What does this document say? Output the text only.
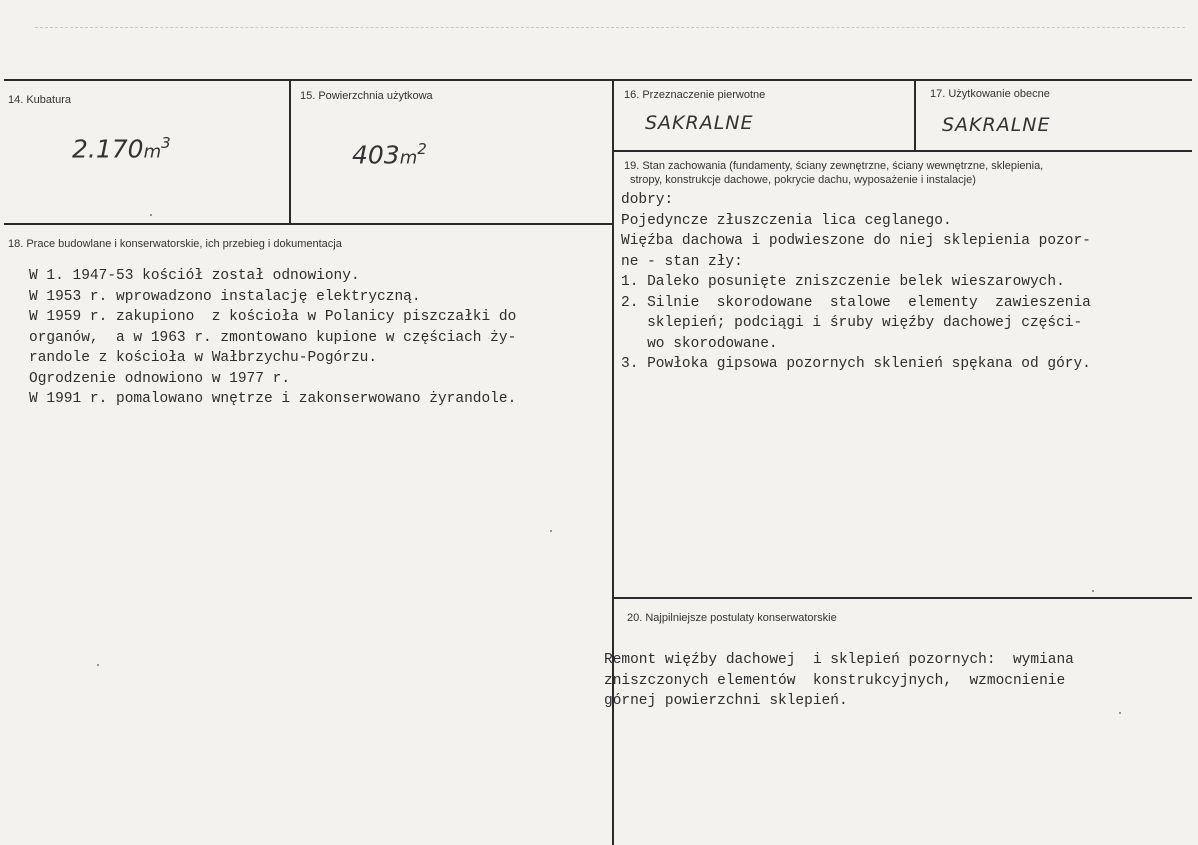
14. Kubatura
$2.170m^3$
15. Powierzchnia użytkowa
$403m^2$
16. Przeznaczenie pierwotne
SAKRALNE
17. Użytkowanie obecne
SAKRALNE
18. Prace budowlane i konserwatorskie, ich przebieg i dokumentacja
W 1. 1947-53 kościół został odnowiony.
W 1953 r. wprowadzono instalację elektryczną.
W 1959 r. zakupiono  z kościoła w Polanicy piszczałki do
organów,  a w 1963 r. zmontowano kupione w częściach ży-
randole z kościoła w Wałbrzychu-Pogórzu.
Ogrodzenie odnowiono w 1977 r.
W 1991 r. pomalowano wnętrze i zakonserwowano żyrandole.
19. Stan zachowania (fundamenty, ściany zewnętrzne, ściany wewnętrzne, sklepienia,
stropy, konstrukcje dachowe, pokrycie dachu, wyposażenie i instalacje)
dobry:
Pojedyncze złuszczenia lica ceglanego.
Więźba dachowa i podwieszone do niej sklepienia pozor-
ne - stan zły:
1. Daleko posunięte zniszczenie belek wieszarowych.
2. Silnie  skorodowane  stalowe  elementy  zawieszenia
sklepień; podciągi i śruby więźby dachowej części-
wo skorodowane.
3. Powłoka gipsowa pozornych sklenień spękana od góry.
20. Najpilniejsze postulaty konserwatorskie
Remont więźby dachowej  i sklepień pozornych:  wymiana
zniszczonych elementów  konstrukcyjnych,  wzmocnienie
górnej powierzchni sklepień.
